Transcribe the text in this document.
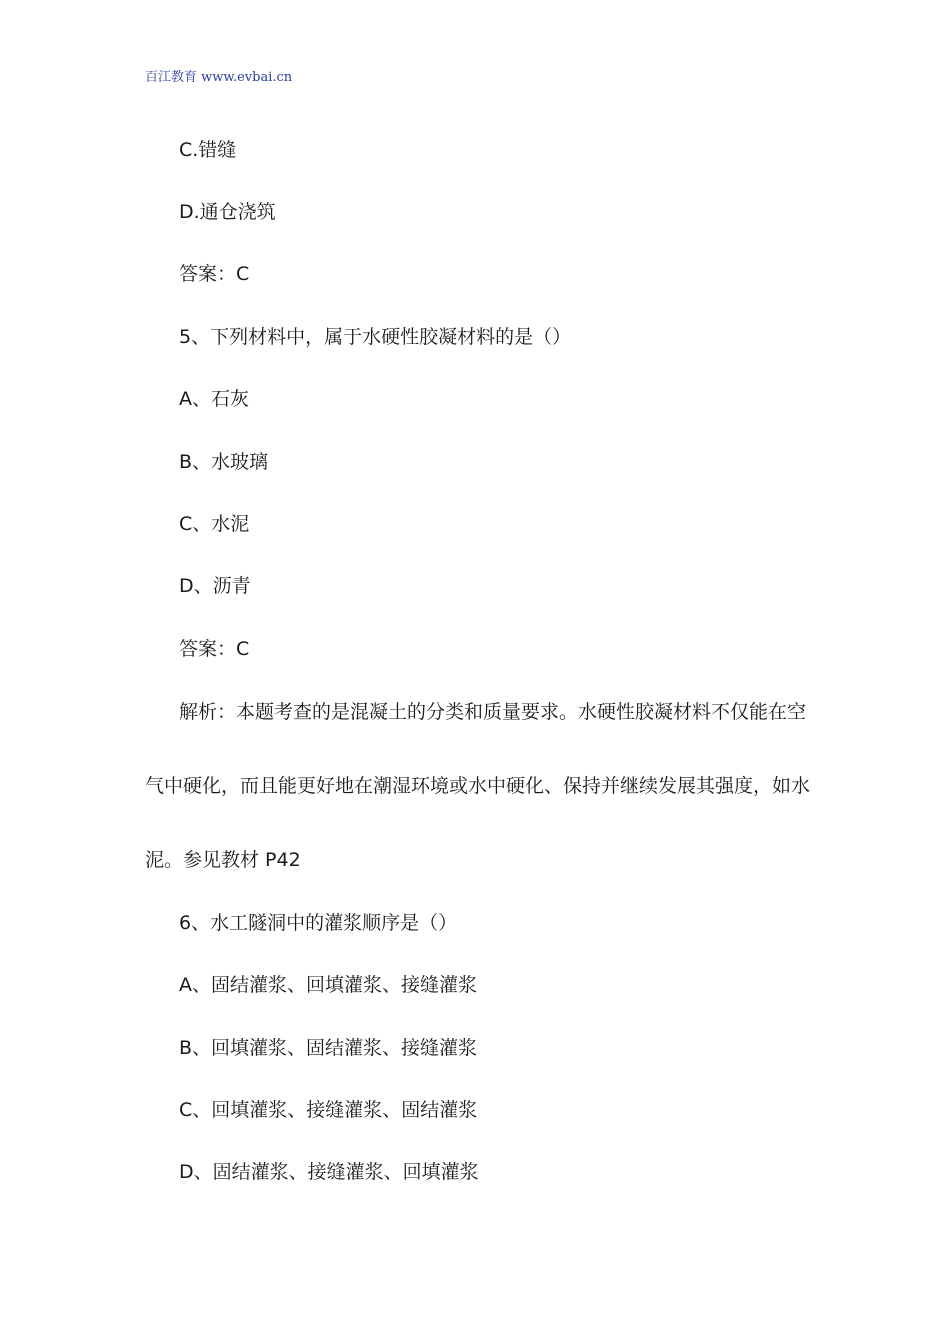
百江教育 www.evbai.cn
C.错缝
D.通仓浇筑
答案：C
5、下列材料中，属于水硬性胶凝材料的是（）
A、石灰
B、水玻璃
C、水泥
D、沥青
答案：C
解析：本题考查的是混凝土的分类和质量要求。水硬性胶凝材料不仅能在空
气中硬化，而且能更好地在潮湿环境或水中硬化、保持并继续发展其强度，如水
泥。参见教材 P42
6、水工隧洞中的灌浆顺序是（）
A、固结灌浆、回填灌浆、接缝灌浆
B、回填灌浆、固结灌浆、接缝灌浆
C、回填灌浆、接缝灌浆、固结灌浆
D、固结灌浆、接缝灌浆、回填灌浆
